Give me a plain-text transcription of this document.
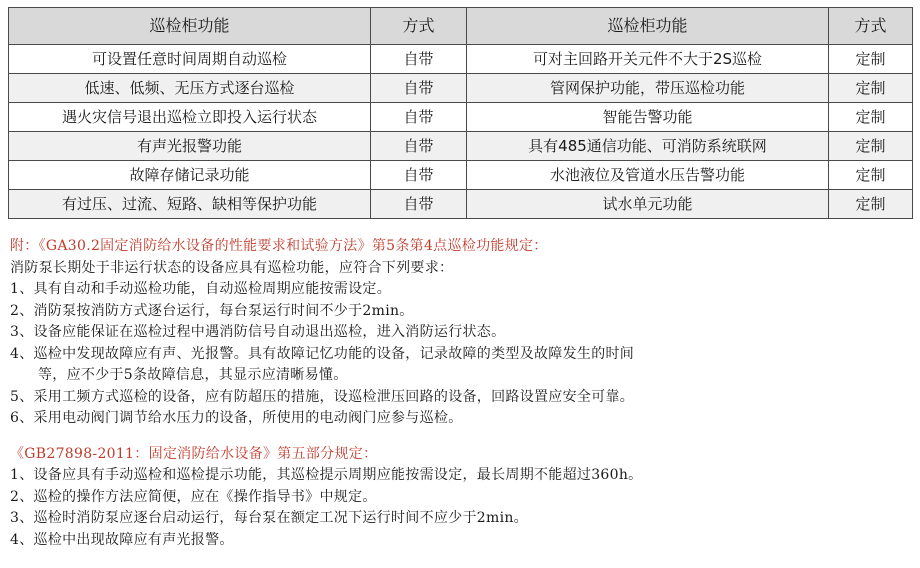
巡检柜功能	方式	巡检柜功能	方式
可设置任意时间周期自动巡检	自带	可对主回路开关元件不大于2S巡检	定制
低速、低频、无压方式逐台巡检	自带	管网保护功能，带压巡检功能	定制
遇火灾信号退出巡检立即投入运行状态	自带	智能告警功能	定制
有声光报警功能	自带	具有485通信功能、可消防系统联网	定制
故障存储记录功能	自带	水池液位及管道水压告警功能	定制
有过压、过流、短路、缺相等保护功能	自带	试水单元功能	定制

附：《GA30.2固定消防给水设备的性能要求和试验方法》第5条第4点巡检功能规定：

消防泵长期处于非运行状态的设备应具有巡检功能，应符合下列要求：

1、具有自动和手动巡检功能，自动巡检周期应能按需设定。

2、消防泵按消防方式逐台运行，每台泵运行时间不少于2min。

3、设备应能保证在巡检过程中遇消防信号自动退出巡检，进入消防运行状态。

4、巡检中发现故障应有声、光报警。具有故障记忆功能的设备，记录故障的类型及故障发生的时间

等，应不少于5条故障信息，其显示应清晰易懂。

5、采用工频方式巡检的设备，应有防超压的措施，设巡检泄压回路的设备，回路设置应安全可靠。

6、采用电动阀门调节给水压力的设备，所使用的电动阀门应参与巡检。

《GB27898-2011：固定消防给水设备》第五部分规定：

1、设备应具有手动巡检和巡检提示功能，其巡检提示周期应能按需设定，最长周期不能超过360h。

2、巡检的操作方法应简便，应在《操作指导书》中规定。

3、巡检时消防泵应逐台启动运行，每台泵在额定工况下运行时间不应少于2min。

4、巡检中出现故障应有声光报警。
